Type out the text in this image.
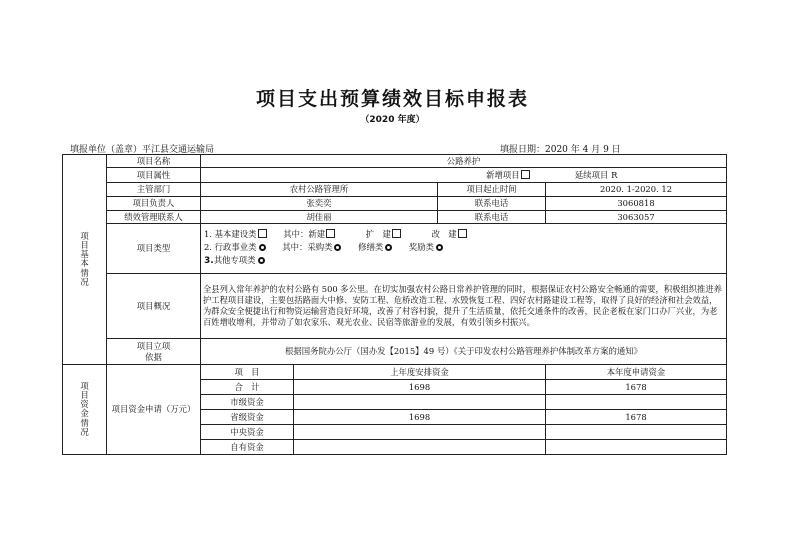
项目支出预算绩效目标申报表
（2020 年度）
填报单位（盖章）平江县交通运输局	填报日期：2020 年 4 月 9 日
项目基本情况	项目名称	公路养护			
	项目属性	新增项目 延续项目 R			
	主管部门	农村公路管理所		项目起止时间	2020. 1-2020. 12
	项目负责人	张奕奕		联系电话	3060818
	绩效管理联系人	胡佳丽		联系电话	3063057
	项目类型	1. 基本建设类 其中：新建 扩　建 改　建
2. 行政事业类 其中：采购类 修缮类 奖励类
3.其他专项类			

	项目概况	全县列入常年养护的农村公路有 500 多公里。在切实加强农村公路日常养护管理的同时，根据保证农村公路安全畅通的需要，积极组织推进养护工程项目建设，主要包括路面大中修、安防工程、危桥改造工程、水毁恢复工程、四好农村路建设工程等，取得了良好的经济和社会效益，为群众安全便捷出行和物资运输营造良好环境，改善了村容村貌，提升了生活质量，依托交通条件的改善，民企老板在家门口办厂兴业，为老百姓增收增利，并带动了如农家乐、观光农业、民宿等旅游业的发展，有效引领乡村振兴。			

	项目立项
依据	根据国务院办公厅（国办发【2015】49 号）《关于印发农村公路管理养护体制改革方案的通知》			
项目资金情况	项目资金申请（万元）	项　目	上年度安排资金		本年度申请资金
		合　计	1698		1678
		市级资金			
		省级资金	1698		1678
		中央资金			
		自有资金			
